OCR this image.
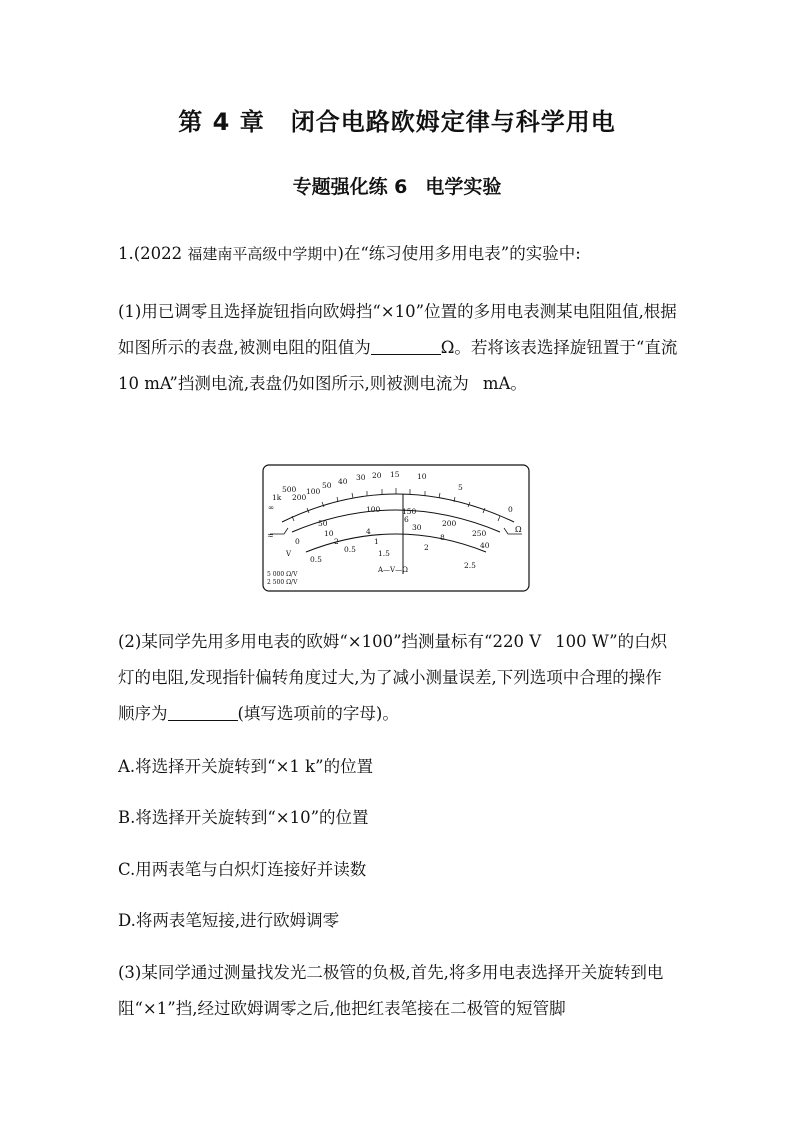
第 4 章 闭合电路欧姆定律与科学用电
专题强化练 6 电学实验

1.(2022 福建南平高级中学期中)在“练习使用多用电表”的实验中:

(1)用已调零且选择旋钮指向欧姆挡“×10”位置的多用电表测某电阻阻值,根据如图所示的表盘,被测电阻的阻值为	Ω。若将该表选择旋钮置于“直流 10 mA”挡测电流,表盘仍如图所示,则被测电流为 mA。

∞
1k
500
200
100
50 40 30 20 15 10
5
0
0
50
10
2
4
0.5
1
1.5
0.5
100	150
200
250
6
30
40
8
2
2.5
≂
Ω
V
A—V—Ω
5 000 Ω/V
2 500 Ω/V

(2)某同学先用多用电表的欧姆“×100”挡测量标有“220 V 100 W”的白炽灯的电阻,发现指针偏转角度过大,为了减小测量误差,下列选项中合理的操作顺序为	(填写选项前的字母)。

A.将选择开关旋转到“×1 k”的位置

B.将选择开关旋转到“×10”的位置

C.用两表笔与白炽灯连接好并读数

D.将两表笔短接,进行欧姆调零

(3)某同学通过测量找发光二极管的负极,首先,将多用电表选择开关旋转到电阻“×1”挡,经过欧姆调零之后,他把红表笔接在二极管的短管脚
